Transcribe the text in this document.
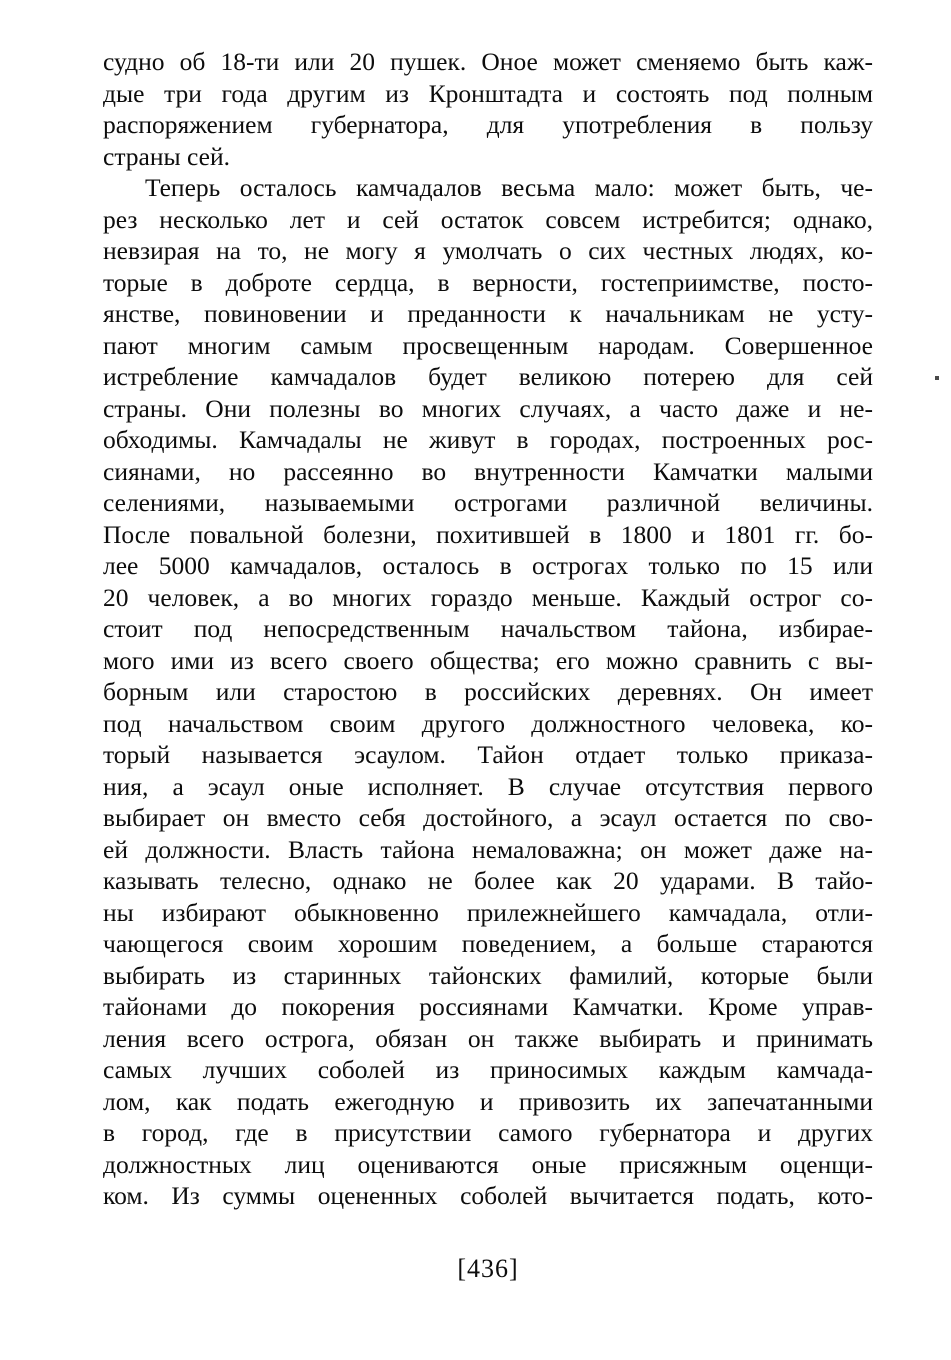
судно об 18-ти или 20 пушек. Оное может сменяемо быть каж-
дые три года другим из Кронштадта и состоять под полным
распоряжением губернатора, для употребления в пользу
страны сей.
Теперь осталось камчадалов весьма мало: может быть, че-
рез несколько лет и сей остаток совсем истребится; однако,
невзирая на то, не могу я умолчать о сих честных людях, ко-
торые в доброте сердца, в верности, гостеприимстве, посто-
янстве, повиновении и преданности к начальникам не усту-
пают многим самым просвещенным народам. Совершенное
истребление камчадалов будет великою потерею для сей
страны. Они полезны во многих случаях, а часто даже и не-
обходимы. Камчадалы не живут в городах, построенных рос-
сиянами, но рассеянно во внутренности Камчатки малыми
селениями, называемыми острогами различной величины.
После повальной болезни, похитившей в 1800 и 1801 гг. бо-
лее 5000 камчадалов, осталось в острогах только по 15 или
20 человек, а во многих гораздо меньше. Каждый острог со-
стоит под непосредственным начальством тайона, избирае-
мого ими из всего своего общества; его можно сравнить с вы-
борным или старостою в российских деревнях. Он имеет
под начальством своим другого должностного человека, ко-
торый называется эсаулом. Тайон отдает только приказа-
ния, а эсаул оные исполняет. В случае отсутствия первого
выбирает он вместо себя достойного, а эсаул остается по сво-
ей должности. Власть тайона немаловажна; он может даже на-
казывать телесно, однако не более как 20 ударами. В тайо-
ны избирают обыкновенно прилежнейшего камчадала, отли-
чающегося своим хорошим поведением, а больше стараются
выбирать из старинных тайонских фамилий, которые были
тайонами до покорения россиянами Камчатки. Кроме управ-
ления всего острога, обязан он также выбирать и принимать
самых лучших соболей из приносимых каждым камчада-
лом, как подать ежегодную и привозить их запечатанными
в город, где в присутствии самого губернатора и других
должностных лиц оцениваются оные присяжным оценщи-
ком. Из суммы оцененных соболей вычитается подать, кото-
[436]
